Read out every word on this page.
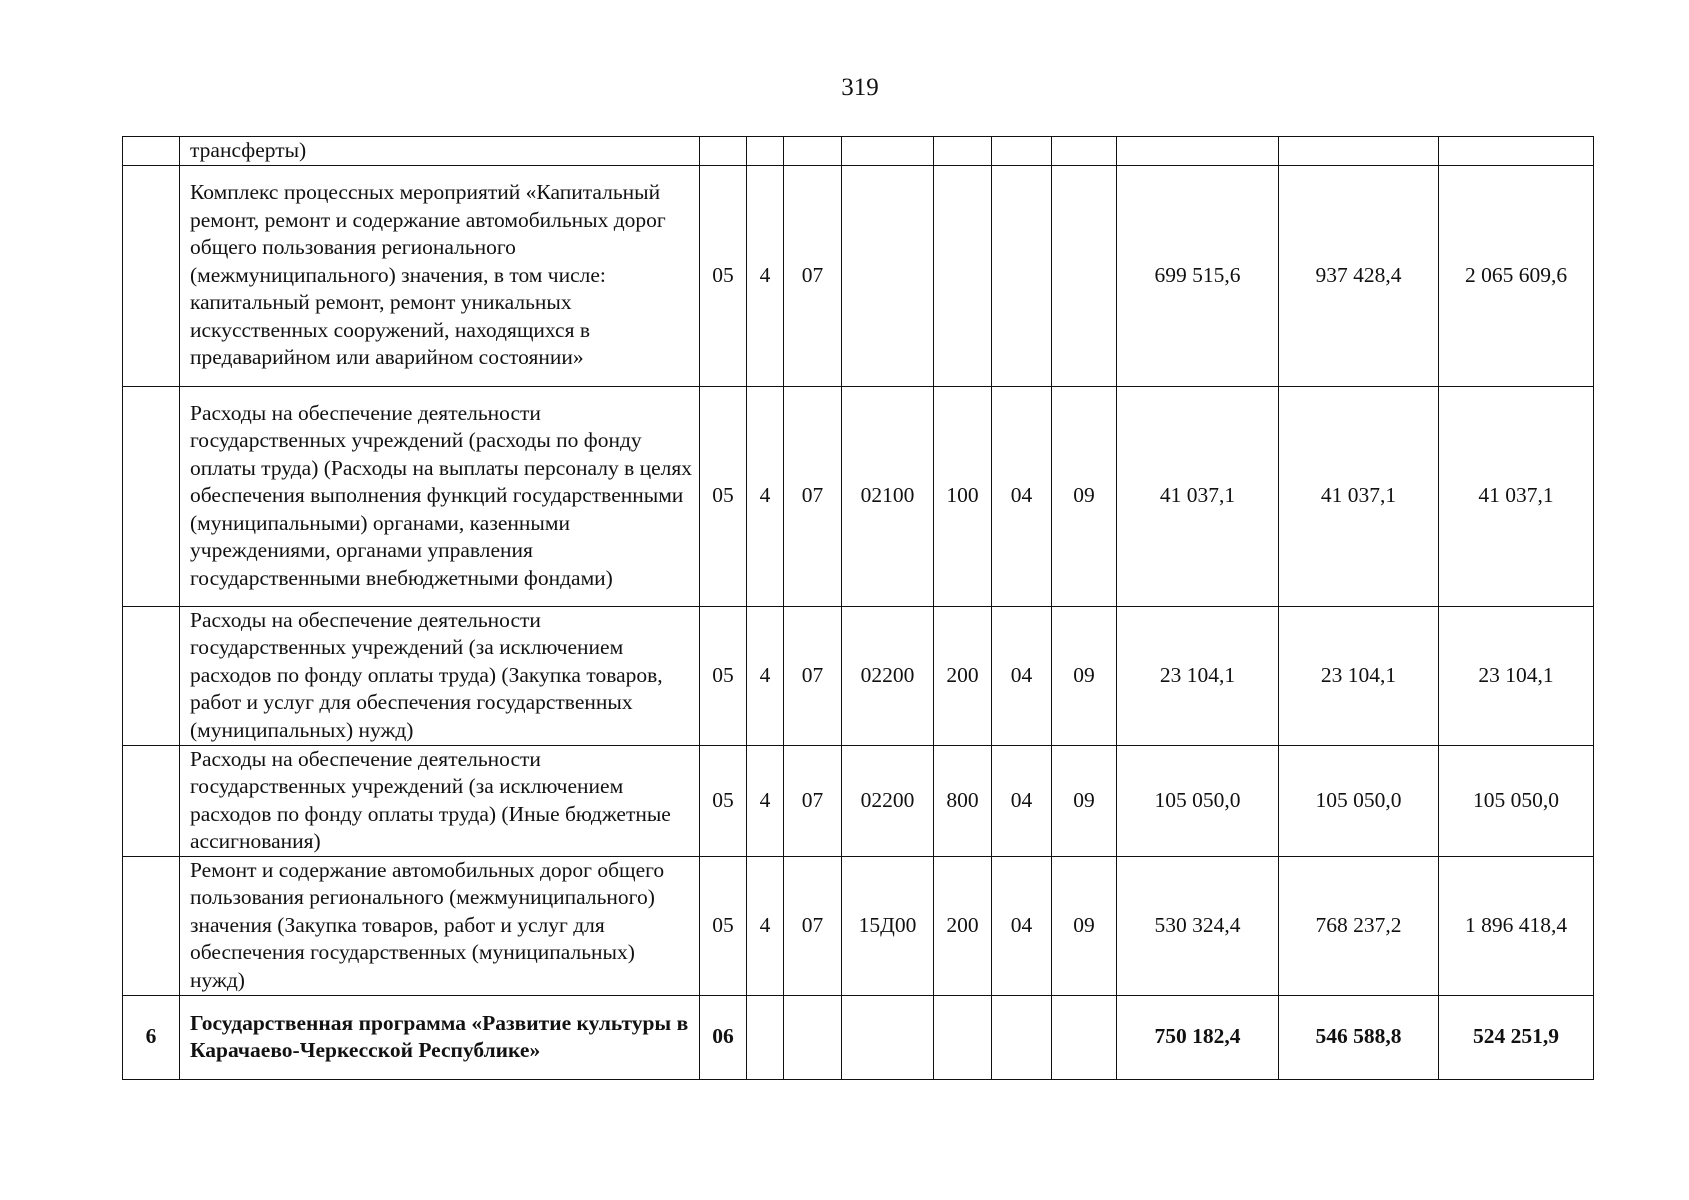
319
	трансферты)										
	Комплекс процессных мероприятий «Капитальный ремонт, ремонт и содержание автомобильных дорог общего пользования регионального (межмуниципального) значения, в том числе: капитальный ремонт, ремонт уникальных искусственных сооружений, находящихся в предаварийном или аварийном состоянии»	05	4	07					699 515,6	937 428,4	2 065 609,6
	Расходы на обеспечение деятельности государственных учреждений (расходы по фонду оплаты труда) (Расходы на выплаты персоналу в целях обеспечения выполнения функций государственными (муниципальными) органами, казенными учреждениями, органами управления государственными внебюджетными фондами)	05	4	07	02100	100	04	09	41 037,1	41 037,1	41 037,1
	Расходы на обеспечение деятельности государственных учреждений (за исключением расходов по фонду оплаты труда) (Закупка товаров, работ и услуг для обеспечения государственных (муниципальных) нужд)	05	4	07	02200	200	04	09	23 104,1	23 104,1	23 104,1
	Расходы на обеспечение деятельности государственных учреждений (за исключением расходов по фонду оплаты труда) (Иные бюджетные ассигнования)	05	4	07	02200	800	04	09	105 050,0	105 050,0	105 050,0
	Ремонт и содержание автомобильных дорог общего пользования регионального (межмуниципального) значения (Закупка товаров, работ и услуг для обеспечения государственных (муниципальных) нужд)	05	4	07	15Д00	200	04	09	530 324,4	768 237,2	1 896 418,4
6	Государственная программа «Развитие культуры в Карачаево-Черкесской Республике»	06							750 182,4	546 588,8	524 251,9
